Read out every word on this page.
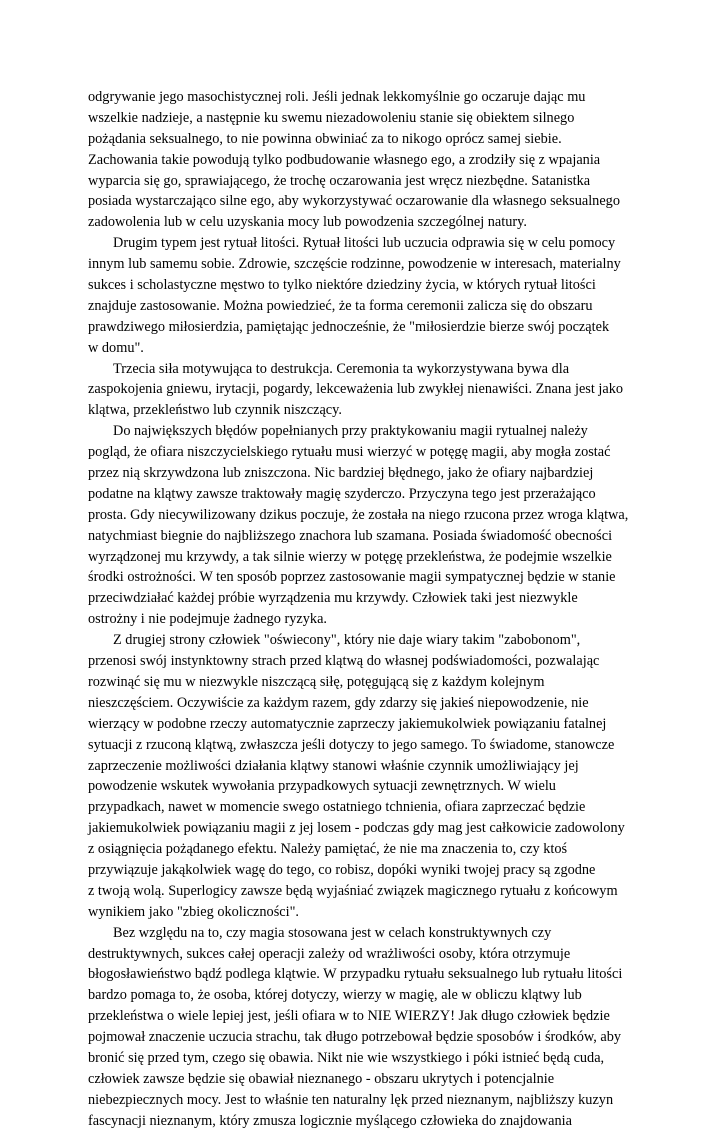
odgrywanie jego masochistycznej roli. Jeśli jednak lekkomyślnie go oczaruje dając mu
wszelkie nadzieje, a następnie ku swemu niezadowoleniu stanie się obiektem silnego
pożądania seksualnego, to nie powinna obwiniać za to nikogo oprócz samej siebie.
Zachowania takie powodują tylko podbudowanie własnego ego, a zrodziły się z wpajania
wyparcia się go, sprawiającego, że trochę oczarowania jest wręcz niezbędne. Satanistka
posiada wystarczająco silne ego, aby wykorzystywać oczarowanie dla własnego seksualnego
zadowolenia lub w celu uzyskania mocy lub powodzenia szczególnej natury.
Drugim typem jest rytuał litości. Rytuał litości lub uczucia odprawia się w celu pomocy
innym lub samemu sobie. Zdrowie, szczęście rodzinne, powodzenie w interesach, materialny
sukces i scholastyczne męstwo to tylko niektóre dziedziny życia, w których rytuał litości
znajduje zastosowanie. Można powiedzieć, że ta forma ceremonii zalicza się do obszaru
prawdziwego miłosierdzia, pamiętając jednocześnie, że "miłosierdzie bierze swój początek
w domu".
Trzecia siła motywująca to destrukcja. Ceremonia ta wykorzystywana bywa dla
zaspokojenia gniewu, irytacji, pogardy, lekceważenia lub zwykłej nienawiści. Znana jest jako
klątwa, przekleństwo lub czynnik niszczący.
Do największych błędów popełnianych przy praktykowaniu magii rytualnej należy
pogląd, że ofiara niszczycielskiego rytuału musi wierzyć w potęgę magii, aby mogła zostać
przez nią skrzywdzona lub zniszczona. Nic bardziej błędnego, jako że ofiary najbardziej
podatne na klątwy zawsze traktowały magię szyderczo. Przyczyna tego jest przerażająco
prosta. Gdy niecywilizowany dzikus poczuje, że została na niego rzucona przez wroga klątwa,
natychmiast biegnie do najbliższego znachora lub szamana. Posiada świadomość obecności
wyrządzonej mu krzywdy, a tak silnie wierzy w potęgę przekleństwa, że podejmie wszelkie
środki ostrożności. W ten sposób poprzez zastosowanie magii sympatycznej będzie w stanie
przeciwdziałać każdej próbie wyrządzenia mu krzywdy. Człowiek taki jest niezwykle
ostrożny i nie podejmuje żadnego ryzyka.
Z drugiej strony człowiek "oświecony", który nie daje wiary takim "zabobonom",
przenosi swój instynktowny strach przed klątwą do własnej podświadomości, pozwalając
rozwinąć się mu w niezwykle niszczącą siłę, potęgującą się z każdym kolejnym
nieszczęściem. Oczywiście za każdym razem, gdy zdarzy się jakieś niepowodzenie, nie
wierzący w podobne rzeczy automatycznie zaprzeczy jakiemukolwiek powiązaniu fatalnej
sytuacji z rzuconą klątwą, zwłaszcza jeśli dotyczy to jego samego. To świadome, stanowcze
zaprzeczenie możliwości działania klątwy stanowi właśnie czynnik umożliwiający jej
powodzenie wskutek wywołania przypadkowych sytuacji zewnętrznych. W wielu
przypadkach, nawet w momencie swego ostatniego tchnienia, ofiara zaprzeczać będzie
jakiemukolwiek powiązaniu magii z jej losem - podczas gdy mag jest całkowicie zadowolony
z osiągnięcia pożądanego efektu. Należy pamiętać, że nie ma znaczenia to, czy ktoś
przywiązuje jakąkolwiek wagę do tego, co robisz, dopóki wyniki twojej pracy są zgodne
z twoją wolą. Superlogicy zawsze będą wyjaśniać związek magicznego rytuału z końcowym
wynikiem jako "zbieg okoliczności".
Bez względu na to, czy magia stosowana jest w celach konstruktywnych czy
destruktywnych, sukces całej operacji zależy od wrażliwości osoby, która otrzymuje
błogosławieństwo bądź podlega klątwie. W przypadku rytuału seksualnego lub rytuału litości
bardzo pomaga to, że osoba, której dotyczy, wierzy w magię, ale w obliczu klątwy lub
przekleństwa o wiele lepiej jest, jeśli ofiara w to NIE WIERZY! Jak długo człowiek będzie
pojmował znaczenie uczucia strachu, tak długo potrzebował będzie sposobów i środków, aby
bronić się przed tym, czego się obawia. Nikt nie wie wszystkiego i póki istnieć będą cuda,
człowiek zawsze będzie się obawiał nieznanego - obszaru ukrytych i potencjalnie
niebezpiecznych mocy. Jest to właśnie ten naturalny lęk przed nieznanym, najbliższy kuzyn
fascynacji nieznanym, który zmusza logicznie myślącego człowieka do znajdowania
